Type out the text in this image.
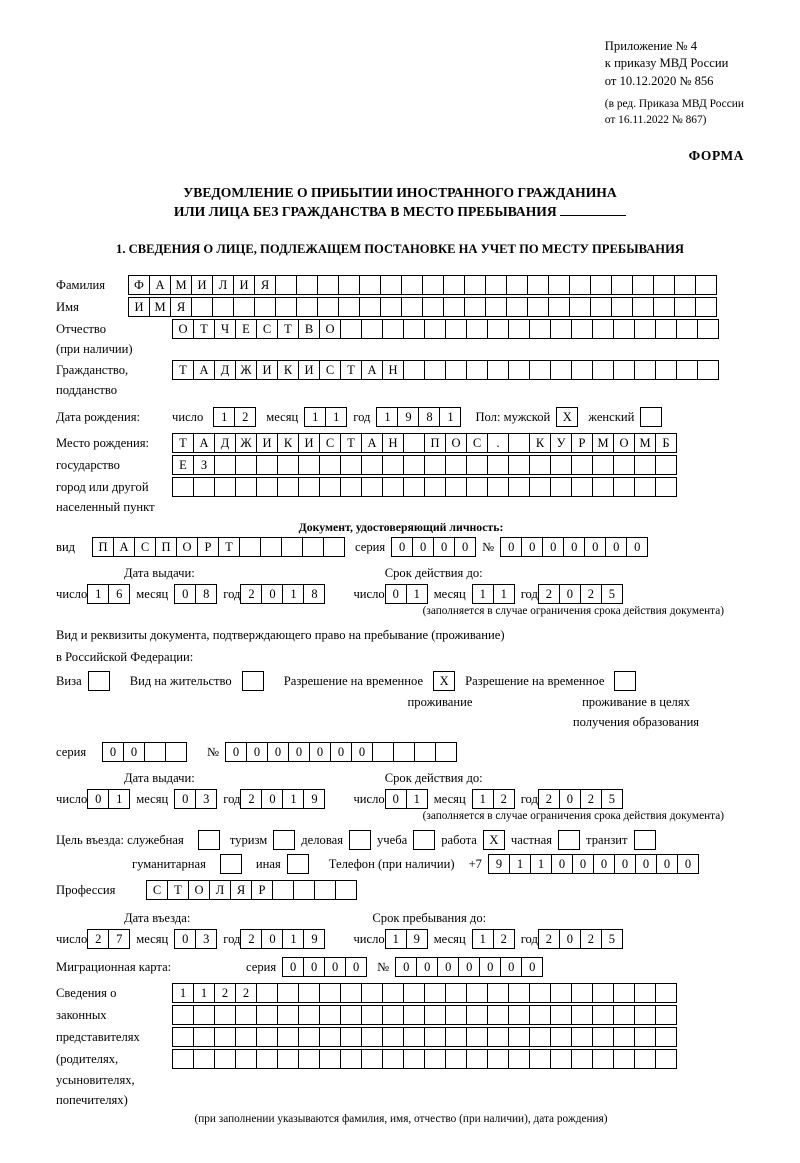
Приложение № 4
к приказу МВД России
от 10.12.2020 № 856
(в ред. Приказа МВД России
от 16.11.2022 № 867)
ФОРМА
УВЕДОМЛЕНИЕ О ПРИБЫТИИ ИНОСТРАННОГО ГРАЖДАНИНА
ИЛИ ЛИЦА БЕЗ ГРАЖДАНСТВА В МЕСТО ПРЕБЫВАНИЯ
1. СВЕДЕНИЯ О ЛИЦЕ, ПОДЛЕЖАЩЕМ ПОСТАНОВКЕ НА УЧЕТ ПО МЕСТУ ПРЕБЫВАНИЯ
Фамилия	Ф А М И Л И Я
Имя	И М Я
Отчество	О	Т	Ч	Е	С	Т	В О
(при наличии)
Гражданство,	Т	А Д Ж И К И С	Т	А Н
подданство
Дата рождения:	число	1	2	месяц	1	1	год	1	9	8	1	Пол: мужской Х	женский
Место рождения:	Т	А Д Ж И К И С	Т	А Н	П О С	.	К У	Р М О М Б
государство	Е	З
город или другой
населенный пункт
Документ, удостоверяющий личность:
вид	П А С П О	Р	Т	серия	0	0	0	0	№	0	0	0	0	0	0	0
Дата выдачи:	Срок действия до:
число 1	6	месяц	0	8	год 2	0	1	8	число 0	1	месяц	1	1	год 2	0	2	5
(заполняется в случае ограничения срока действия документа)
Вид и реквизиты документа, подтверждающего право на пребывание (проживание)
в Российской Федерации:
Виза	Вид на жительство	Разрешение на временное	Х	Разрешение на временное
проживание	проживание в целях
получения образования
серия	0	0	№	0	0	0	0	0	0	0
Дата выдачи:	Срок действия до:
число 0	1	месяц	0	3	год 2	0	1	9	число 0	1	месяц	1	2	год 2	0	2	5
(заполняется в случае ограничения срока действия документа)
Цель въезда: служебная	туризм	деловая	учеба	работа Х частная	транзит
гуманитарная	иная	Телефон (при наличии) +7	9	1	1	0	0	0	0	0	0	0
Профессия	С	Т	О Л	Я	Р
Дата въезда:	Срок пребывания до:
число 2	7	месяц	0	3	год 2	0	1	9	число 1	9	месяц	1	2	год 2	0	2	5
Миграционная карта:	серия	0	0	0	0	№	0	0	0	0	0	0	0
Сведения о	1	1	2	2
законных
представителях
(родителях,
усыновителях,
попечителях)
(при заполнении указываются фамилия, имя, отчество (при наличии), дата рождения)
